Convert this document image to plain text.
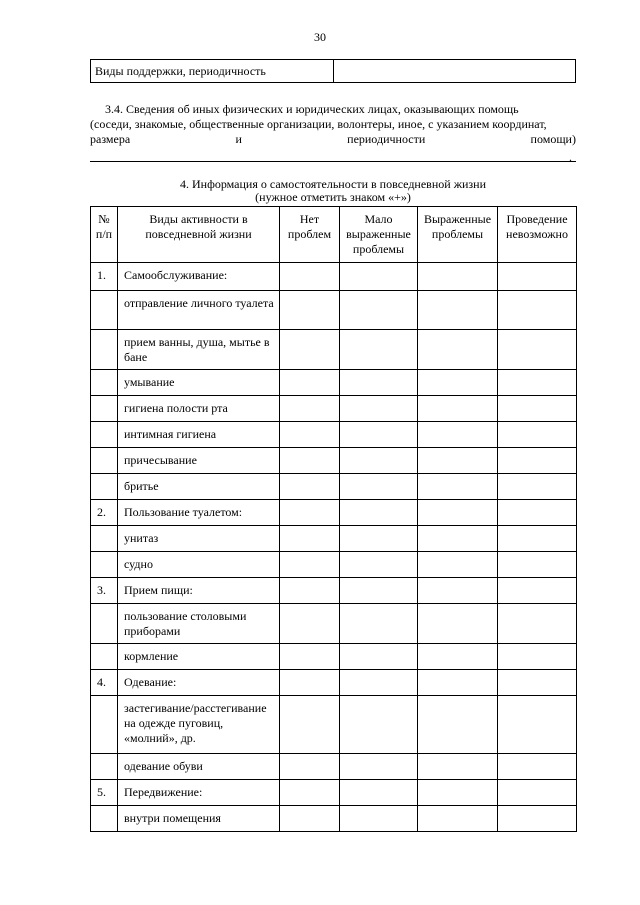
30
Виды поддержки, периодичность	
3.4. Сведения об иных физических и юридических лицах, оказывающих помощь
(соседи, знакомые, общественные организации, волонтеры, иное, с указанием координат,
размера	и	периодичности	помощи)
.
4. Информация о самостоятельности в повседневной жизни
(нужное отметить знаком «+»)
№ п/п	Виды активности в повседневной жизни	Нет проблем	Мало выраженные проблемы	Выраженные проблемы	Проведение невозможно
1.	Самообслуживание:				
	отправление личного туалета				
	прием ванны, душа, мытье в бане				
	умывание				
	гигиена полости рта				
	интимная гигиена				
	причесывание				
	бритье				
2.	Пользование туалетом:				
	унитаз				
	судно				
3.	Прием пищи:				
	пользование столовыми приборами				
	кормление				
4.	Одевание:				
	застегивание/расстегивание на одежде пуговиц, «молний», др.				
	одевание обуви				
5.	Передвижение:				
	внутри помещения				
